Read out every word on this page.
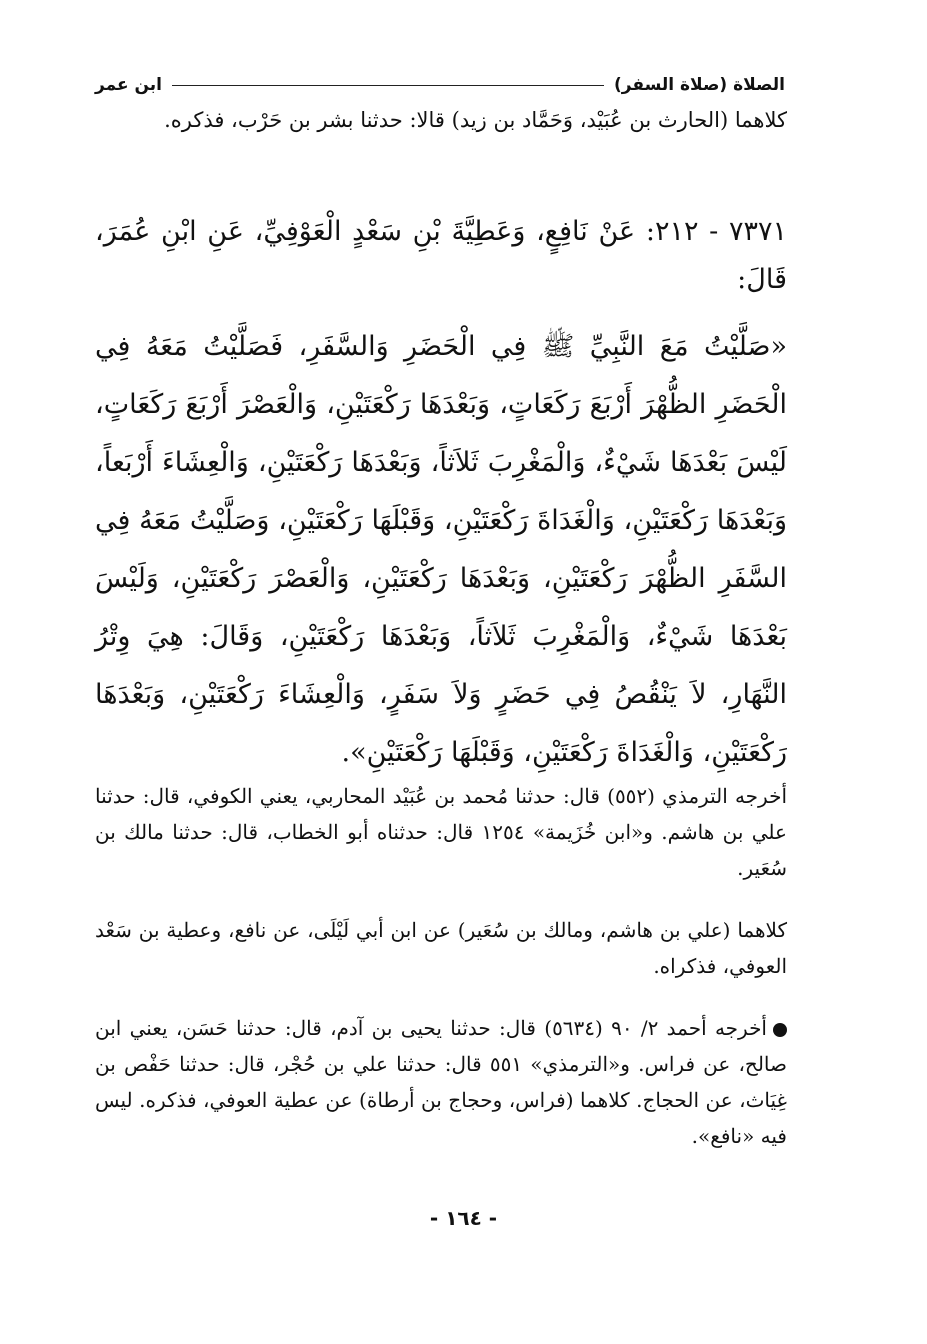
الصلاة (صلاة السفر)
ابن عمر

كلاهما (الحارث بن عُبَيْد، وَحَمَّاد بن زيد) قالا: حدثنا بشر بن حَرْب، فذكره.

٧٣٧١ - ٢١٢: عَنْ نَافِعٍ، وَعَطِيَّةَ بْنِ سَعْدٍ الْعَوْفِيِّ، عَنِ ابْنِ عُمَرَ، قَالَ:

«صَلَّيْتُ مَعَ النَّبِيِّ ﷺ فِي الْحَضَرِ وَالسَّفَرِ، فَصَلَّيْتُ مَعَهُ فِي الْحَضَرِ الظُّهْرَ أَرْبَعَ رَكَعَاتٍ، وَبَعْدَهَا رَكْعَتَيْنِ، وَالْعَصْرَ أَرْبَعَ رَكَعَاتٍ، لَيْسَ بَعْدَهَا شَيْءٌ، وَالْمَغْرِبَ ثَلاَثاً، وَبَعْدَهَا رَكْعَتَيْنِ، وَالْعِشَاءَ أَرْبَعاً، وَبَعْدَهَا رَكْعَتَيْنِ، وَالْغَدَاةَ رَكْعَتَيْنِ، وَقَبْلَهَا رَكْعَتَيْنِ، وَصَلَّيْتُ مَعَهُ فِي السَّفَرِ الظُّهْرَ رَكْعَتَيْنِ، وَبَعْدَهَا رَكْعَتَيْنِ، وَالْعَصْرَ رَكْعَتَيْنِ، وَلَيْسَ بَعْدَهَا شَيْءٌ، وَالْمَغْرِبَ ثَلاَثاً، وَبَعْدَهَا رَكْعَتَيْنِ، وَقَالَ: هِيَ وِتْرُ النَّهَارِ، لاَ يَنْقُصُ فِي حَضَرٍ وَلاَ سَفَرٍ، وَالْعِشَاءَ رَكْعَتَيْنِ، وَبَعْدَهَا رَكْعَتَيْنِ، وَالْغَدَاةَ رَكْعَتَيْنِ، وَقَبْلَهَا رَكْعَتَيْنِ».

أخرجه الترمذي (٥٥٢) قال: حدثنا مُحمد بن عُبَيْد المحاربي، يعني الكوفي، قال: حدثنا علي بن هاشم. و«ابن خُزَيمة» ١٢٥٤ قال: حدثناه أبو الخطاب، قال: حدثنا مالك بن سُعَير.

كلاهما (علي بن هاشم، ومالك بن سُعَير) عن ابن أبي لَيْلَى، عن نافع، وعطية بن سَعْد العوفي، فذكراه.

أخرجه أحمد ٢/ ٩٠ (٥٦٣٤) قال: حدثنا يحيى بن آدم، قال: حدثنا حَسَن، يعني ابن صالح، عن فراس. و«الترمذي» ٥٥١ قال: حدثنا علي بن حُجْر، قال: حدثنا حَفْص بن غِيَاث، عن الحجاج. كلاهما (فراس، وحجاج بن أرطاة) عن عطية العوفي، فذكره. ليس فيه «نافع».

- ١٦٤ -
